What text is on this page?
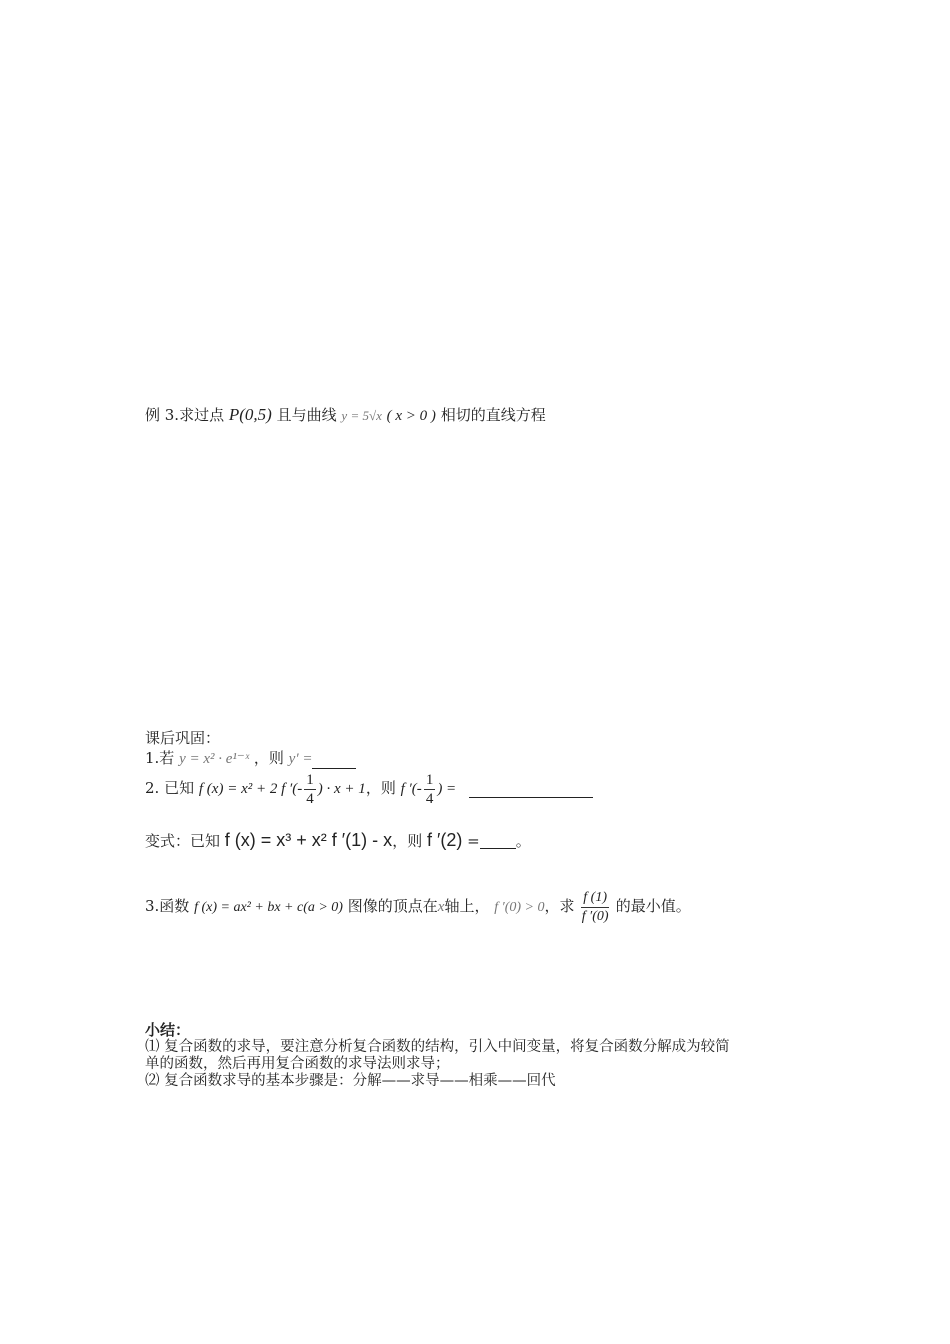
例 3.求过点 P(0,5) 且与曲线 y = 5√x ( x > 0 ) 相切的直线方程
课后巩固：
1.若 y = x² · e¹⁻ˣ ，则 y′ =
2. 已知 f (x) = x² + 2 f ′(- $\frac{1}{4}$ ) · x + 1，则 f ′(- $\frac{1}{4}$ ) =
变式：已知 f (x) = x³ + x² f ′(1) - x，则 f ′(2) = 。
3.函数 f (x) = ax² + bx + c(a > 0) 图像的顶点在x轴上， f ′(0) > 0，求 $\frac{f (1)}{f '(0)}$ 的最小值。
小结：
⑴ 复合函数的求导，要注意分析复合函数的结构，引入中间变量，将复合函数分解成为较简
单的函数，然后再用复合函数的求导法则求导；
⑵ 复合函数求导的基本步骤是：分解——求导——相乘——回代
